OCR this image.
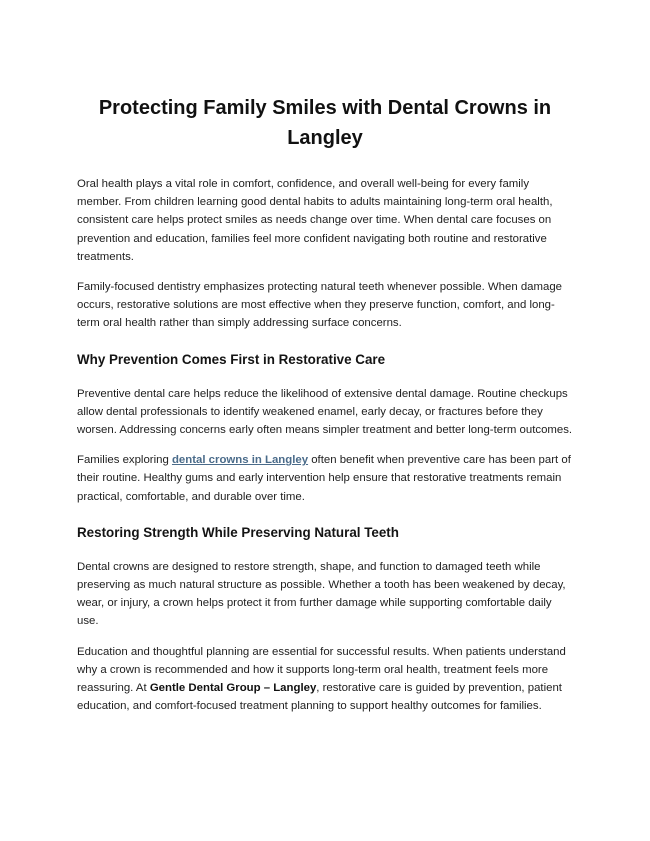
Protecting Family Smiles with Dental Crowns in Langley

Oral health plays a vital role in comfort, confidence, and overall well-being for every family member. From children learning good dental habits to adults maintaining long-term oral health, consistent care helps protect smiles as needs change over time. When dental care focuses on prevention and education, families feel more confident navigating both routine and restorative treatments.

Family-focused dentistry emphasizes protecting natural teeth whenever possible. When damage occurs, restorative solutions are most effective when they preserve function, comfort, and long-term oral health rather than simply addressing surface concerns.

Why Prevention Comes First in Restorative Care

Preventive dental care helps reduce the likelihood of extensive dental damage. Routine checkups allow dental professionals to identify weakened enamel, early decay, or fractures before they worsen. Addressing concerns early often means simpler treatment and better long-term outcomes.

Families exploring dental crowns in Langley often benefit when preventive care has been part of their routine. Healthy gums and early intervention help ensure that restorative treatments remain practical, comfortable, and durable over time.

Restoring Strength While Preserving Natural Teeth

Dental crowns are designed to restore strength, shape, and function to damaged teeth while preserving as much natural structure as possible. Whether a tooth has been weakened by decay, wear, or injury, a crown helps protect it from further damage while supporting comfortable daily use.

Education and thoughtful planning are essential for successful results. When patients understand why a crown is recommended and how it supports long-term oral health, treatment feels more reassuring. At Gentle Dental Group – Langley, restorative care is guided by prevention, patient education, and comfort-focused treatment planning to support healthy outcomes for families.
